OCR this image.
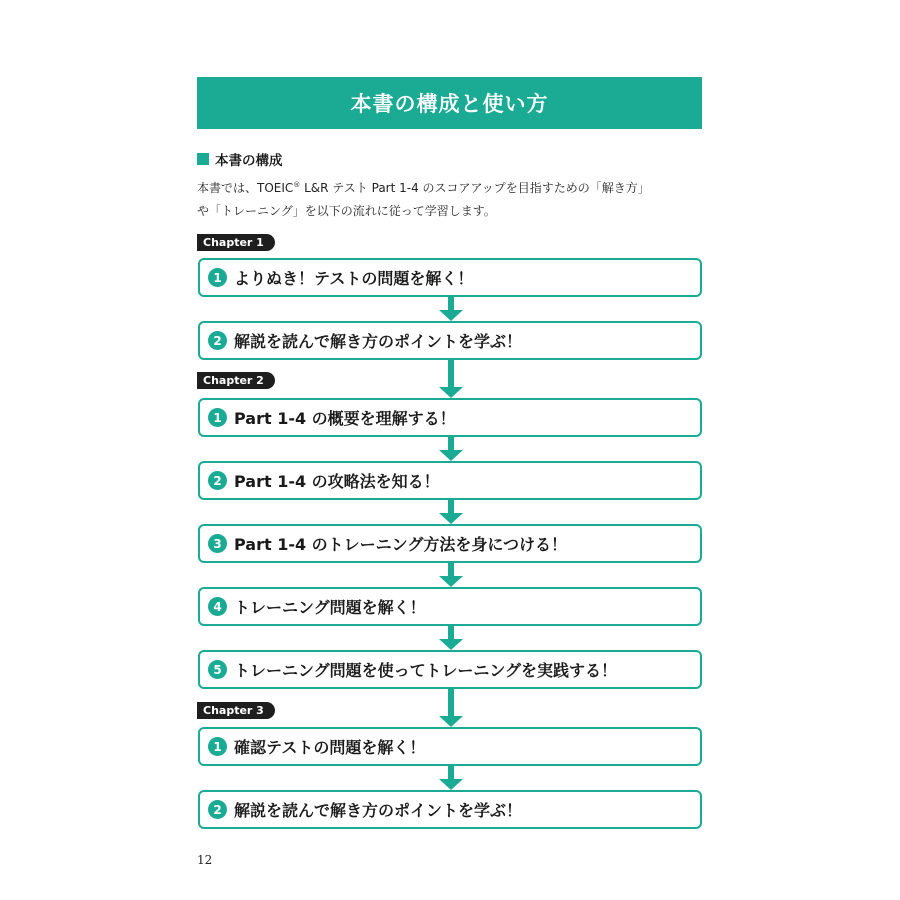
本書の構成と使い方
本書の構成
本書では、TOEIC® L&R テスト Part 1-4 のスコアアップを目指すための「解き方」
や「トレーニング」を以下の流れに従って学習します。
Chapter 1
1 よりぬき！テストの問題を解く！
2 解説を読んで解き方のポイントを学ぶ！
Chapter 2
1 Part 1-4 の概要を理解する！
2 Part 1-4 の攻略法を知る！
3 Part 1-4 のトレーニング方法を身につける！
4 トレーニング問題を解く！
5 トレーニング問題を使ってトレーニングを実践する！
Chapter 3
1 確認テストの問題を解く！
2 解説を読んで解き方のポイントを学ぶ！
12
